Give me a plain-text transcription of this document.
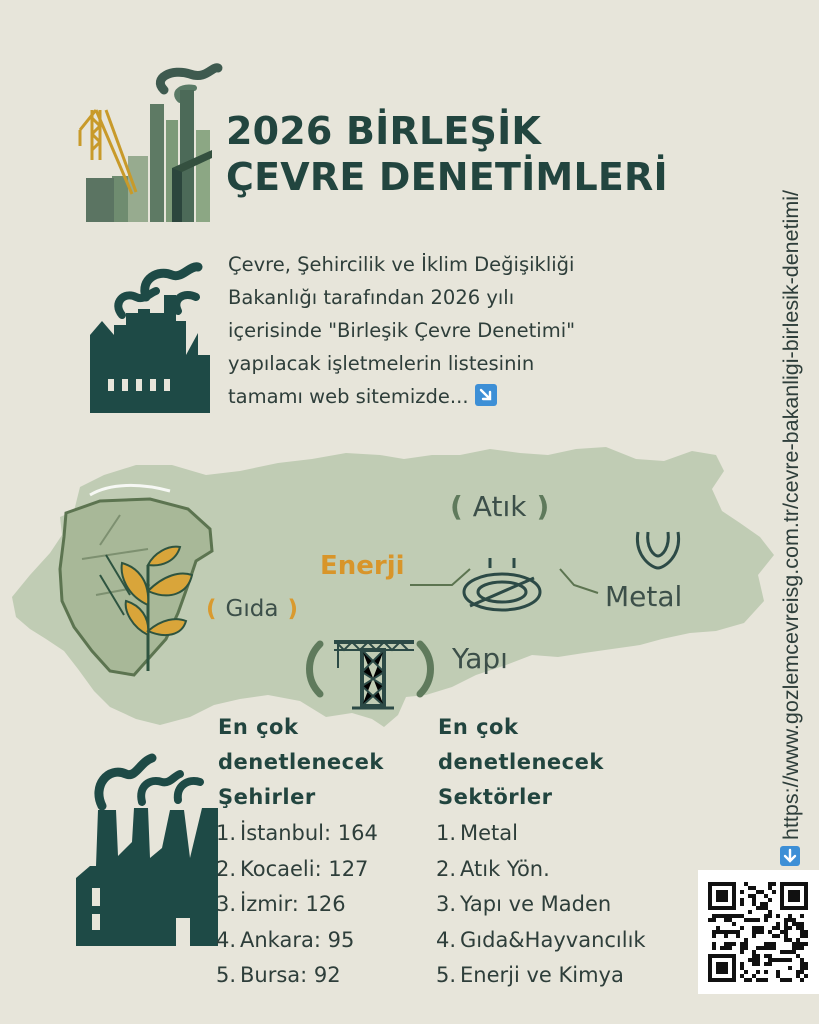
2026 BİRLEŞİK
ÇEVRE DENETİMLERİ
Çevre, Şehircilik ve İklim Değişikliği
Bakanlığı tarafından 2026 yılı
içerisinde "Birleşik Çevre Denetimi"
yapılacak işletmelerin listesinin
tamamı web sitemizde...
( Atık )
Enerji
Metal
( Gıda )
Yapı
En çok
denetlenecek
Şehirler
1. İstanbul: 164
2. Kocaeli: 127
3. İzmir: 126
4. Ankara: 95
5. Bursa: 92
En çok
denetlenecek
Sektörler
1. Metal
2. Atık Yön.
3. Yapı ve Maden
4. Gıda&Hayvancılık
5. Enerji ve Kimya
https://www.gozlemcevreisg.com.tr/cevre-bakanligi-birlesik-denetimi/
